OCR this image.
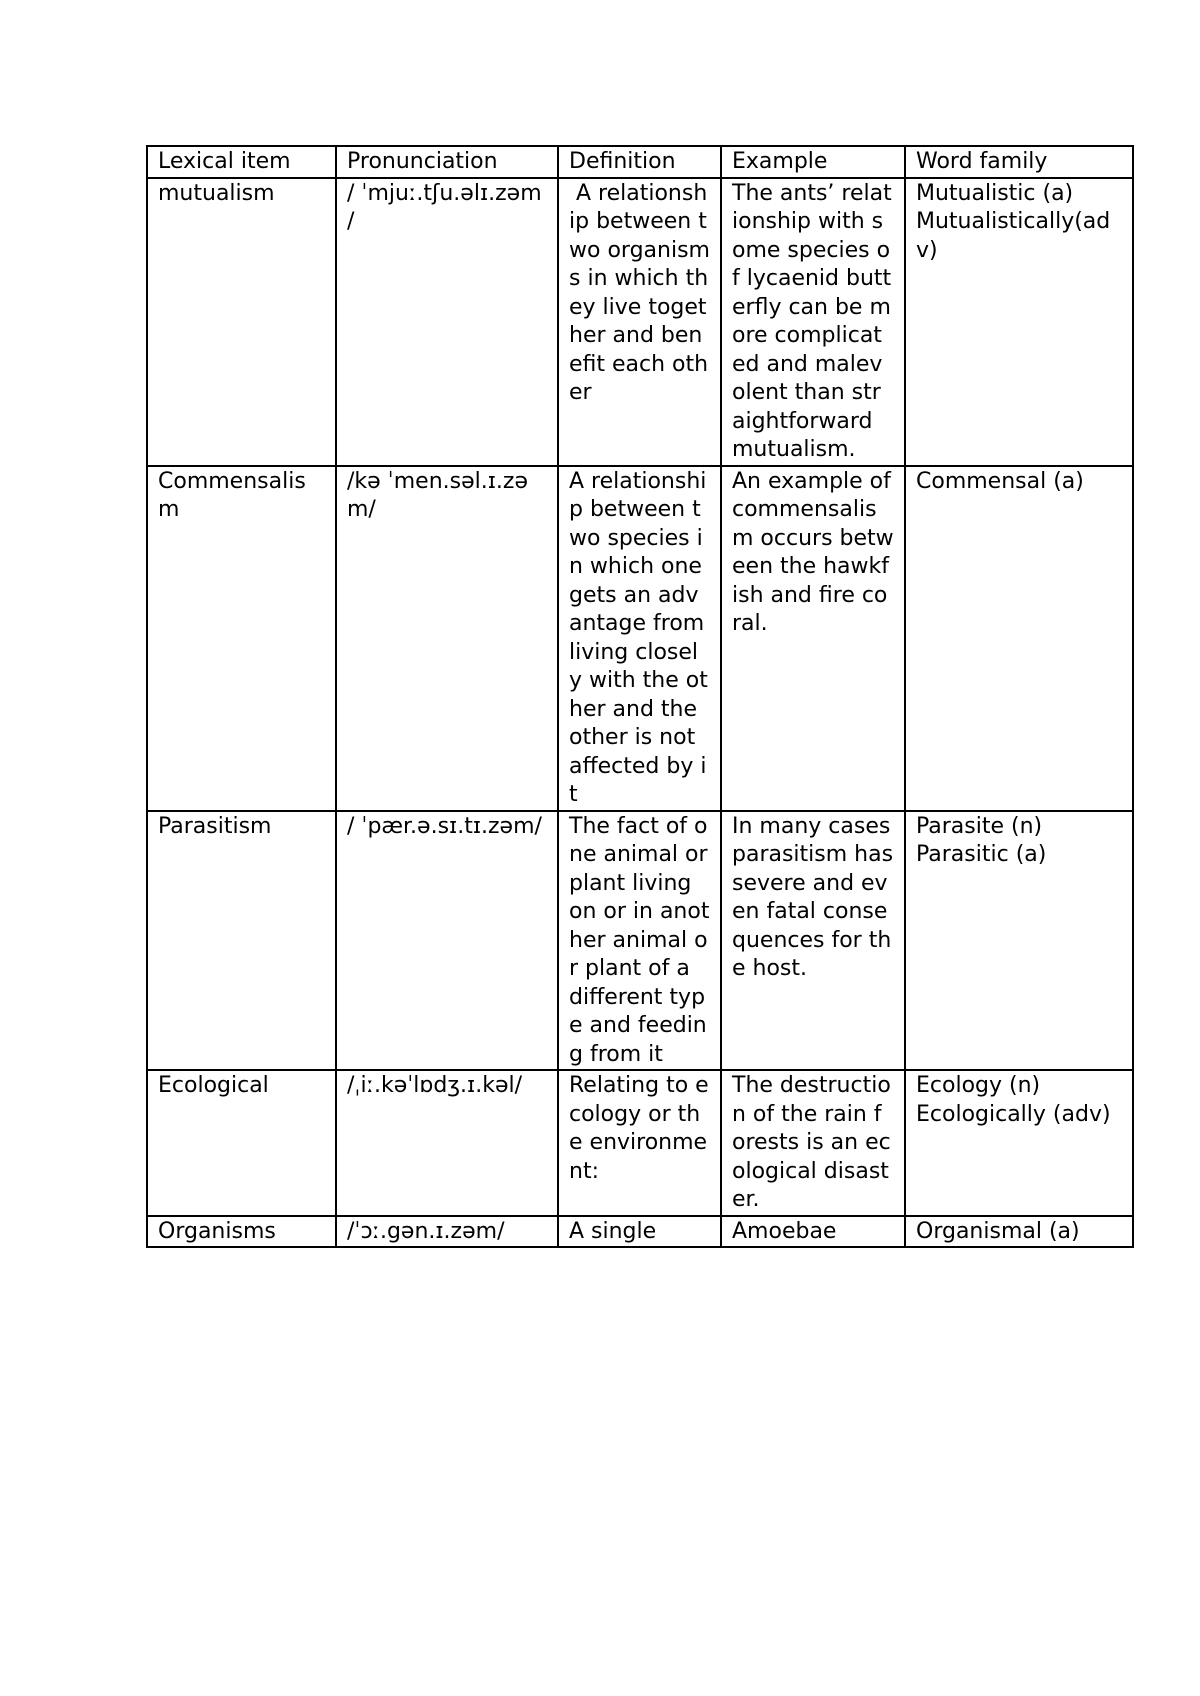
Lexical item	Pronunciation	Definition	Example	Word family
mutualism	/ ˈmjuː.tʃu.əlɪ.zəm /	A relationship between two organisms in which they live together and benefit each other	The ants’ relationship with some species of lycaenid butterfly can be more complicated and malevolent than straightforward mutualism.	Mutualistic (a)
Mutualistically(adv)
Commensalism	/kə ˈmen.səl.ɪ.zəm/	A relationship between two species in which one gets an advantage from living closely with the other and the other is not affected by it	An example of commensalism occurs between the hawkfish and fire coral.	Commensal (a)
Parasitism	/ ˈpær.ə.sɪ.tɪ.zəm/	The fact of one animal or plant living on or in another animal or plant of a different type and feeding from it	In many cases parasitism has severe and even fatal consequences for the host.	Parasite (n)
Parasitic (a)
Ecological	/ˌiː.kəˈlɒdʒ.ɪ.kəl/	Relating to ecology or the environment:	The destruction of the rain forests is an ecological disaster.	Ecology (n)
Ecologically (adv)
Organisms	/ˈɔː.gən.ɪ.zəm/	A single	Amoebae	Organismal (a)
